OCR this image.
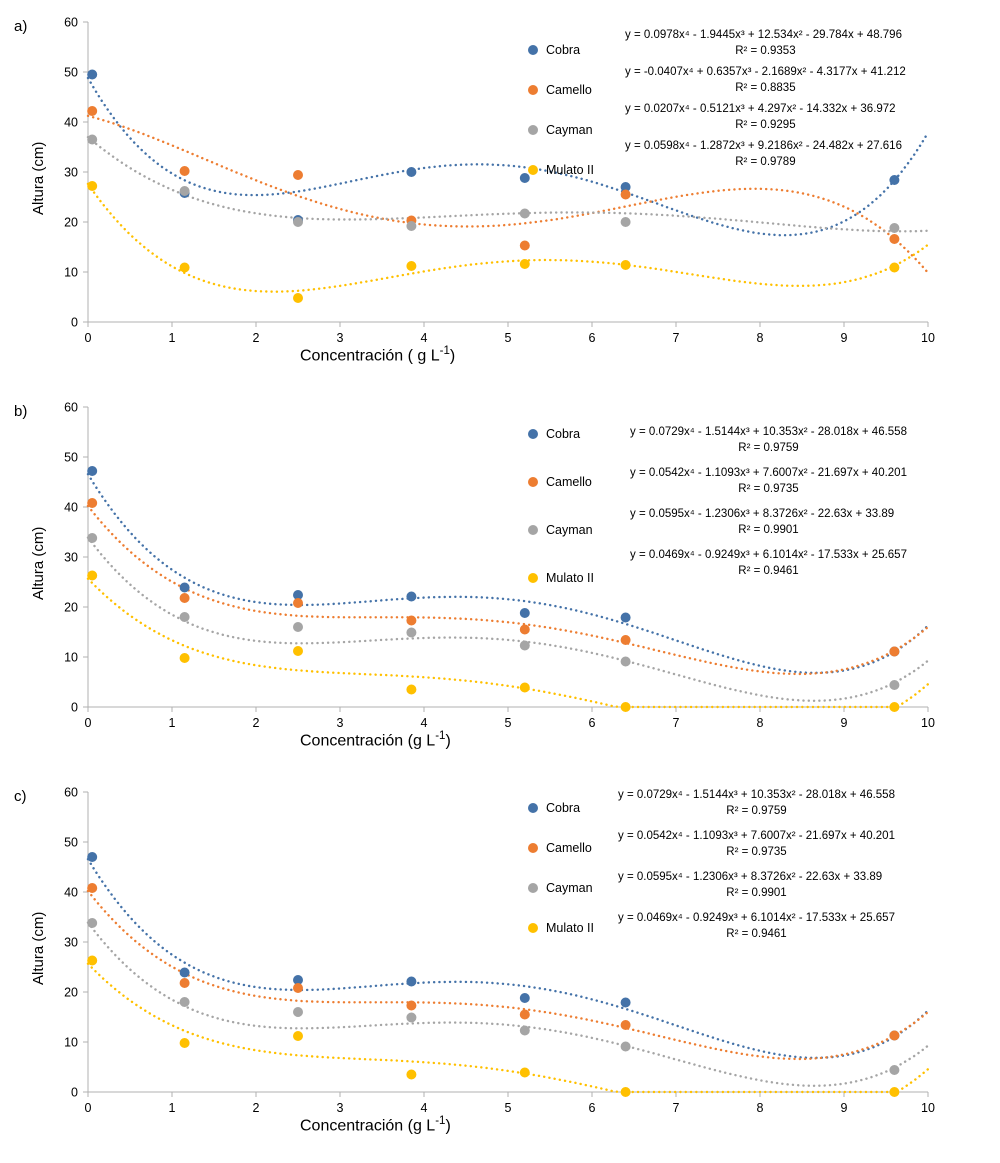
a)
Altura (cm)
Concentración ( g $L^{-1}$)
0
10
20
30
40
50
60
0	1	2	3	4	5	6	7	8	9	10
Cobra
Camello
Cayman
Mulato II
y = 0.0978x⁴ - 1.9445x³ + 12.534x² - 29.784x + 48.796
R² = 0.9353
y = -0.0407x⁴ + 0.6357x³ - 2.1689x² - 4.3177x + 41.212
R² = 0.8835
y = 0.0207x⁴ - 0.5121x³ + 4.297x² - 14.332x + 36.972
R² = 0.9295
y = 0.0598x⁴ - 1.2872x³ + 9.2186x² - 24.482x + 27.616
R² = 0.9789
b)
Altura (cm)
Concentración (g $L^{-1}$)
0
10
20
30
40
50
60
0	1	2	3	4	5	6	7	8	9	10
Cobra
Camello
Cayman
Mulato II
y = 0.0729x⁴ - 1.5144x³ + 10.353x² - 28.018x + 46.558
R² = 0.9759
y = 0.0542x⁴ - 1.1093x³ + 7.6007x² - 21.697x + 40.201
R² = 0.9735
y = 0.0595x⁴ - 1.2306x³ + 8.3726x² - 22.63x + 33.89
R² = 0.9901
y = 0.0469x⁴ - 0.9249x³ + 6.1014x² - 17.533x + 25.657
R² = 0.9461
c)
Altura (cm)
Concentración (g $L^{-1}$)
0
10
20
30
40
50
60
0	1	2	3	4	5	6	7	8	9	10
Cobra
Camello
Cayman
Mulato II
y = 0.0729x⁴ - 1.5144x³ + 10.353x² - 28.018x + 46.558
R² = 0.9759
y = 0.0542x⁴ - 1.1093x³ + 7.6007x² - 21.697x + 40.201
R² = 0.9735
y = 0.0595x⁴ - 1.2306x³ + 8.3726x² - 22.63x + 33.89
R² = 0.9901
y = 0.0469x⁴ - 0.9249x³ + 6.1014x² - 17.533x + 25.657
R² = 0.9461
